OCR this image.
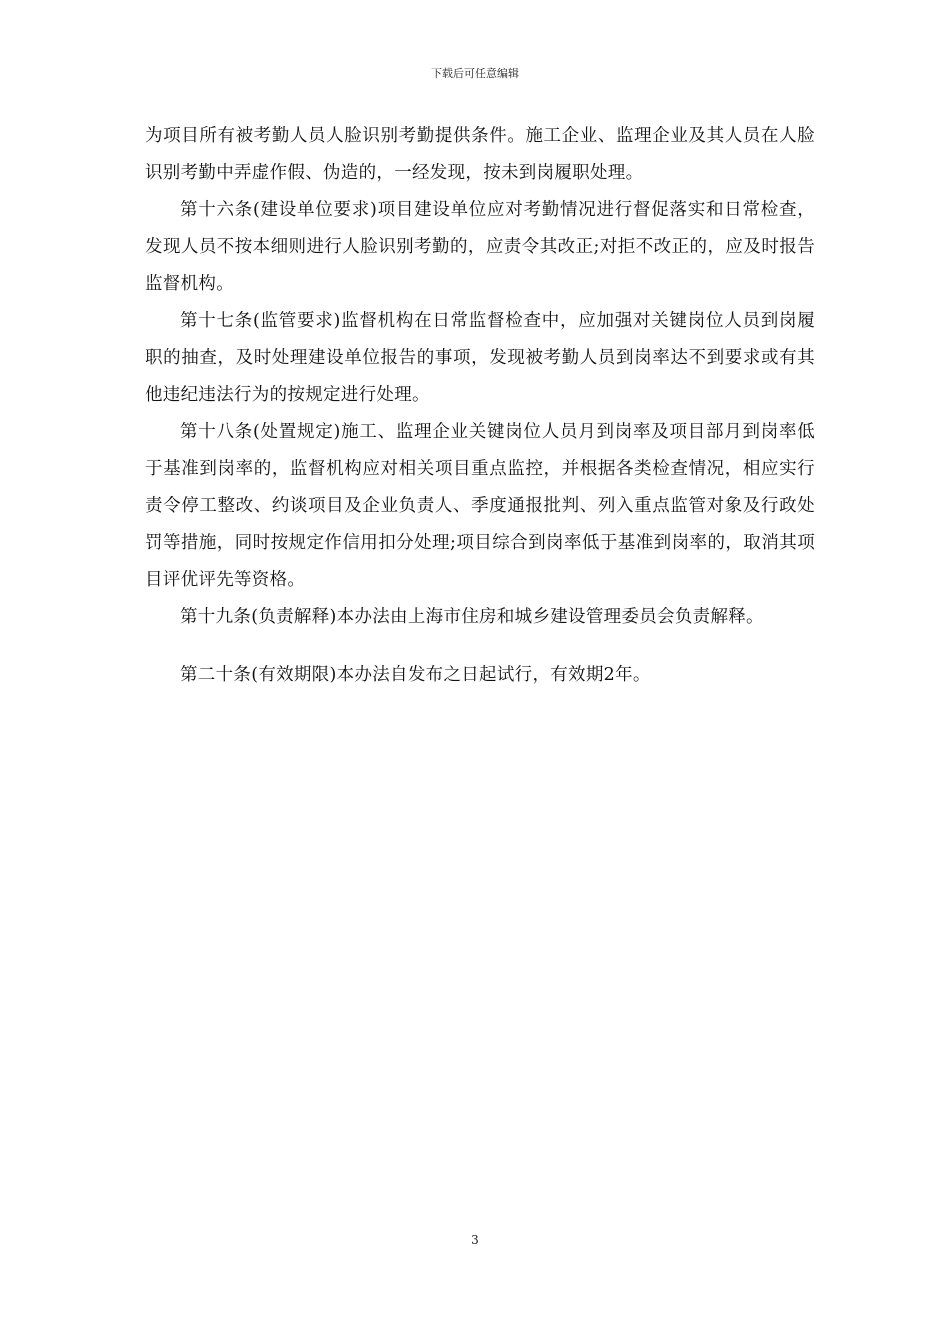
下载后可任意编辑

为项目所有被考勤人员人脸识别考勤提供条件。施工企业、监理企业及其人员在人脸识别考勤中弄虚作假、伪造的，一经发现，按未到岗履职处理。

第十六条(建设单位要求)项目建设单位应对考勤情况进行督促落实和日常检查，发现人员不按本细则进行人脸识别考勤的，应责令其改正;对拒不改正的，应及时报告监督机构。

第十七条(监管要求)监督机构在日常监督检查中，应加强对关键岗位人员到岗履职的抽查，及时处理建设单位报告的事项，发现被考勤人员到岗率达不到要求或有其他违纪违法行为的按规定进行处理。

第十八条(处置规定)施工、监理企业关键岗位人员月到岗率及项目部月到岗率低于基准到岗率的，监督机构应对相关项目重点监控，并根据各类检查情况，相应实行责令停工整改、约谈项目及企业负责人、季度通报批判、列入重点监管对象及行政处罚等措施，同时按规定作信用扣分处理;项目综合到岗率低于基准到岗率的，取消其项目评优评先等资格。

第十九条(负责解释)本办法由上海市住房和城乡建设管理委员会负责解释。

第二十条(有效期限)本办法自发布之日起试行，有效期2年。

3
